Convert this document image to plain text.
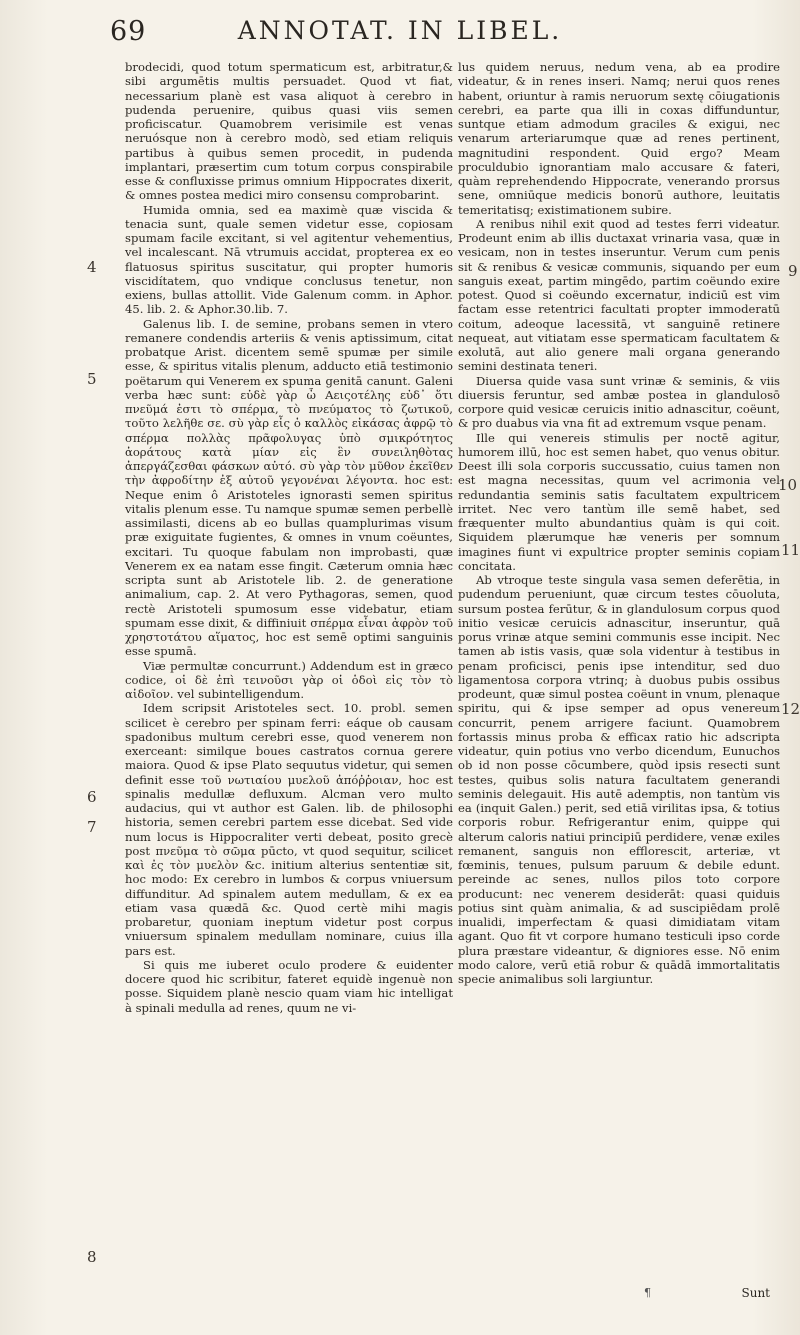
69	ANNOTAT. IN LIBEL.

brodecidi, quod totum spermaticum est, arbitratur,& sibi argumētis multis persuadet. Quod vt fiat, necessarium planè est vasa aliquot à cerebro in pudenda peruenire, quibus quasi viis semen proficiscatur. Quamobrem verisimile est venas neruósque non à cerebro modò, sed etiam reliquis partibus à quibus semen procedit, in pudenda implantari, præsertim cum totum corpus conspirabile esse & confluxisse primus omnium Hippocrates dixerit, & omnes postea medici miro consensu comprobarint.

Humida omnia, sed ea maximè quæ viscida & tenacia sunt, quale semen videtur esse, copiosam spumam facile excitant, si vel agitentur vehementius, vel incalescant. Nā vtrumuis accidat, propterea ex eo flatuosus spiritus suscitatur, qui propter humoris viscidítatem, quo vndique conclusus tenetur, non exiens, bullas attollit. Vide Galenum comm. in Aphor. 45. lib. 2. & Aphor.30.lib. 7.

Galenus lib. I. de semine, probans semen in vtero remanere condendis arteriis & venis aptissimum, citat probatque Arist. dicentem semē spumæ per simile esse, & spiritus vitalis plenum, adducto etiā testimonio poëtarum qui Venerem ex spuma genitā canunt. Galeni verba hæc sunt: εὐδὲ γὰρ ὦ Αειςοτέλης εὐδ᾽ ὅτι πνεῦμά ἐστι τὸ σπέρμα, τὸ πνεύματος τὸ ζωτικοῦ, τοῦτο λελῆθε σε. σὺ γὰρ εἶς ὁ καλλὸς εἰκάσας ἀφρῷ τὸ σπέρμα πολλὰς πρᾶφολυγας ὑπὸ σμικρότητος ἀοράτους κατὰ μίαν εἰς ἓν συνειληθὸτας ἀπεργάζεσθαι φάσκων αὐτό. σὺ γὰρ τὸν μῦθον ἐκεῖθεν τὴν ἀφροδίτην ἐξ αὐτοῦ γεγονέναι λέγοντα. hoc est: Neque enim ô Aristoteles ignorasti semen spiritus vitalis plenum esse. Tu namque spumæ semen perbellè assimilasti, dicens ab eo bullas quamplurimas visum præ exiguitate fugientes, & omnes in vnum coëuntes, excitari. Tu quoque fabulam non improbasti, quæ Venerem ex ea natam esse fingit. Cæterum omnia hæc scripta sunt ab Aristotele lib. 2. de generatione animalium, cap. 2. At vero Pythagoras, semen, quod rectè Aristoteli spumosum esse videbatur, etiam spumam esse dixit, & diffiniuit σπέρμα εἶναι ἀφρὸν τοῦ χρηστοτάτου αἵματος, hoc est semē optimi sanguinis esse spumā.

Viæ permultæ concurrunt.) Addendum est in græco codice, οἱ δὲ ἐπὶ τεινοῦσι γὰρ οἱ ὁδοὶ εἰς τὸν τὸ αἰδοῖον. vel subintelligendum.

Idem scripsit Aristoteles sect. 10. probl. semen scilicet è cerebro per spinam ferri: eáque ob causam spadonibus multum cerebri esse, quod venerem non exerceant: similque boues castratos cornua gerere maiora. Quod & ipse Plato sequutus videtur, qui semen definit esse τοῦ νωτιαίου μυελοῦ ἀπόῤῥοιαν, hoc est spinalis medullæ defluxum. Alcman vero multo audacius, qui vt author est Galen. lib. de philosophi historia, semen cerebri partem esse dicebat. Sed vide num locus is Hippocraliter verti debeat, posito grecè post πνεῦμα τὸ σῶμα pūcto, vt quod sequitur, scilicet καὶ ἐς τὸν μυελὸν &c. initium alterius sententiæ sit, hoc modo: Ex cerebro in lumbos & corpus vniuersum diffunditur. Ad spinalem autem medullam, & ex ea etiam vasa quædā &c. Quod certè mihi magis probaretur, quoniam ineptum videtur post corpus vniuersum spinalem medullam nominare, cuius illa pars est.

Si quis me iuberet oculo prodere & euidenter docere quod hic scribitur, fateret equidè ingenuè non posse. Siquidem planè nescio quam viam hic intelligat à spinali medulla ad renes, quum ne vi-

lus quidem neruus, nedum vena, ab ea prodire videatur, & in renes inseri. Namq; nerui quos renes habent, oriuntur à ramis neruorum sextę cōiugationis cerebri, ea parte qua illi in coxas diffunduntur, suntque etiam admodum graciles & exigui, nec venarum arteriarumque quæ ad renes pertinent, magnitudini respondent. Quid ergo? Meam proculdubio ignorantiam malo accusare & fateri, quàm reprehendendo Hippocrate, venerando prorsus sene, omniūque medicis bonorū authore, leuitatis temeritatisq; existimationem subire.

A renibus nihil exit quod ad testes ferri videatur. Prodeunt enim ab illis ductaxat vrinaria vasa, quæ in vesicam, non in testes inseruntur. Verum cum penis sit & renibus & vesicæ communis, siquando per eum sanguis exeat, partim mingēdo, partim coëundo exire potest. Quod si coëundo excernatur, indiciū est vim factam esse retentrici facultati propter immoderatū coitum, adeoque lacessitā, vt sanguinē retinere nequeat, aut vitiatam esse spermaticam facultatem & exolutā, aut alio genere mali organa generando semini destinata teneri.

Diuersa quide vasa sunt vrinæ & seminis, & viis diuersis feruntur, sed ambæ postea in glandulosō corpore quid vesicæ ceruicis initio adnascitur, coëunt, & pro duabus via vna fit ad extremum vsque penam.

Ille qui venereis stimulis per noctē agitur, humorem illū, hoc est semen habet, quo venus obitur. Deest illi sola corporis succussatio, cuius tamen non est magna necessitas, quum vel acrimonia vel redundantia seminis satis facultatem expultricem irritet. Nec vero tantùm ille semē habet, sed fræquenter multo abundantius quàm is qui coit. Siquidem plærumque hæ veneris per somnum imagines fiunt vi expultrice propter seminis copiam concitata.

Ab vtroque teste singula vasa semen deferētia, in pudendum perueniunt, quæ circum testes cōuoluta, sursum postea ferūtur, & in glandulosum corpus quod initio vesicæ ceruicis adnascitur, inseruntur, quā porus vrinæ atque semini communis esse incipit. Nec tamen ab istis vasis, quæ sola videntur à testibus in penam proficisci, penis ipse intenditur, sed duo ligamentosa corpora vtrinq; à duobus pubis ossibus prodeunt, quæ simul postea coëunt in vnum, plenaque spiritu, qui & ipse semper ad opus venereum concurrit, penem arrigere faciunt. Quamobrem fortassis minus proba & efficax ratio hic adscripta videatur, quin potius vno verbo dicendum, Eunuchos ob id non posse cōcumbere, quòd ipsis resecti sunt testes, quibus solis natura facultatem generandi seminis delegauit. His autē ademptis, non tantùm vis ea (inquit Galen.) perit, sed etiā virilitas ipsa, & totius corporis robur. Refrigerantur enim, quippe qui alterum caloris natiui principiū perdidere, venæ exiles remanent, sanguis non efflorescit, arteriæ, vt fœminis, tenues, pulsum paruum & debile edunt. pereinde ac senes, nullos pilos toto corpore producunt: nec venerem desiderāt: quasi quiduis potius sint quàm animalia, & ad suscipiēdam prolē inualidi, imperfectam & quasi dimidiatam vitam agant. Quo fit vt corpore humano testiculi ipso corde plura præstare videantur, & digniores esse. Nō enim modo calore, verū etiā robur & quādā immortalitatis specie animalibus soli largiuntur.

4
5
6
7
8
9
10
11
12
¶	Sunt
